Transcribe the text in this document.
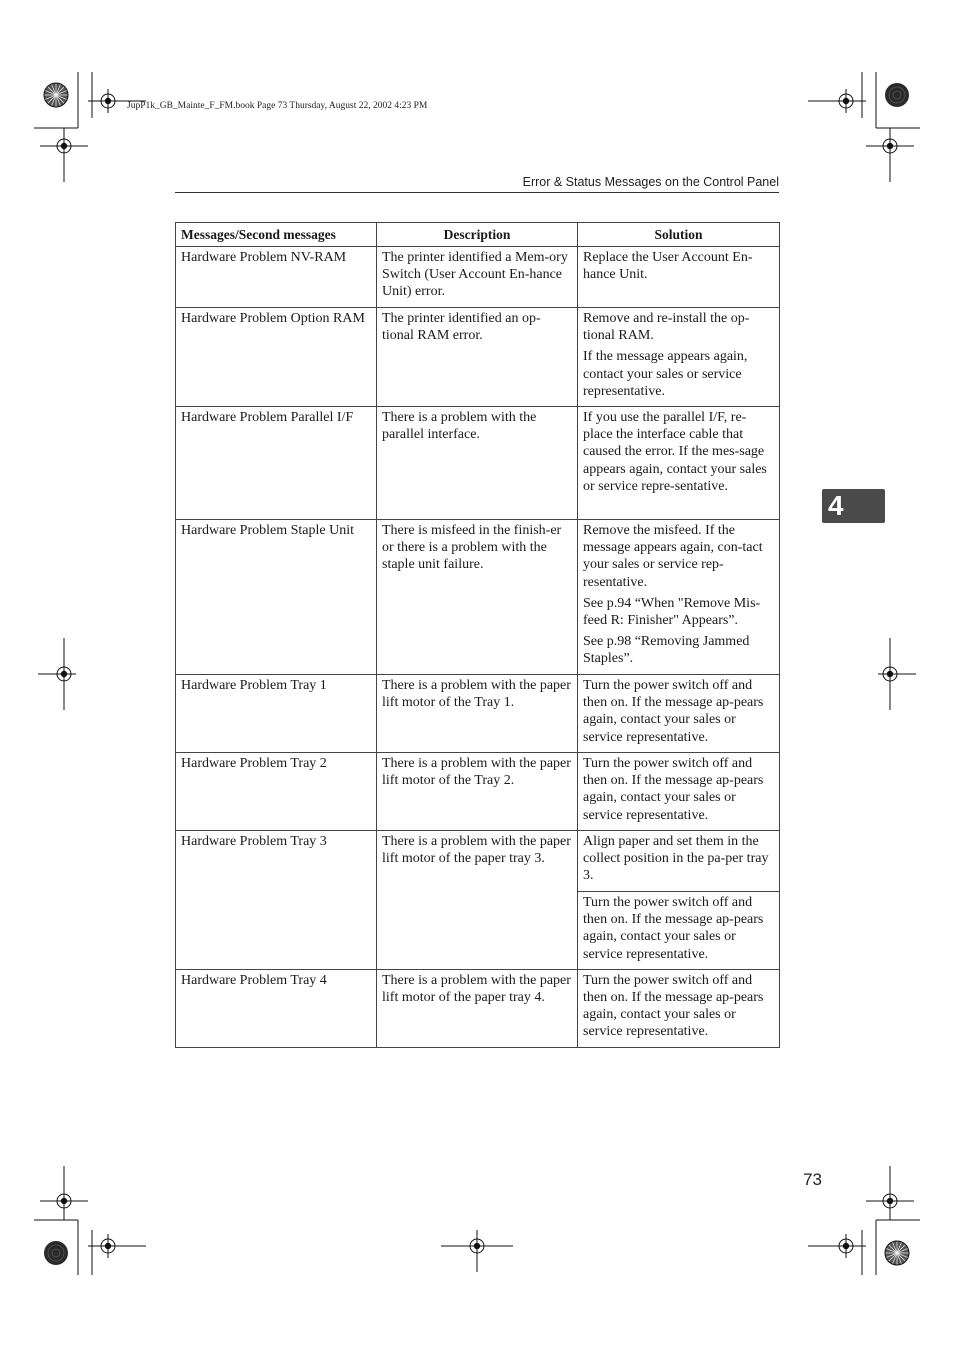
JupP1k_GB_Mainte_F_FM.book Page 73 Thursday, August 22, 2002 4:23 PM
Error & Status Messages on the Control Panel
Messages/Second messages	Description	Solution

Hardware Problem NV-RAM	The printer identified a Mem-ory Switch (User Account En-hance Unit) error.	Replace the User Account En-hance Unit.

Hardware Problem Option RAM	The printer identified an op-tional RAM error.	Remove and re-install the op-tional RAM.

If the message appears again, contact your sales or service representative.

Hardware Problem Parallel I/F	There is a problem with the parallel interface.	If you use the parallel I/F, re-place the interface cable that caused the error. If the mes-sage appears again, contact your sales or service repre-sentative.

Hardware Problem Staple Unit	There is misfeed in the finish-er or there is a problem with the staple unit failure.	Remove the misfeed. If the message appears again, con-tact your sales or service rep-resentative.

See p.94 “When "Remove Mis-feed R: Finisher" Appears”.

See p.98 “Removing Jammed Staples”.

Hardware Problem Tray 1	There is a problem with the paper lift motor of the Tray 1.	Turn the power switch off and then on. If the message ap-pears again, contact your sales or service representative.

Hardware Problem Tray 2	There is a problem with the paper lift motor of the Tray 2.	Turn the power switch off and then on. If the message ap-pears again, contact your sales or service representative.

Hardware Problem Tray 3	There is a problem with the paper lift motor of the paper tray 3.	Align paper and set them in the collect position in the pa-per tray 3.

Turn the power switch off and then on. If the message ap-pears again, contact your sales or service representative.

Hardware Problem Tray 4	There is a problem with the paper lift motor of the paper tray 4.	Turn the power switch off and then on. If the message ap-pears again, contact your sales or service representative.

4
73
